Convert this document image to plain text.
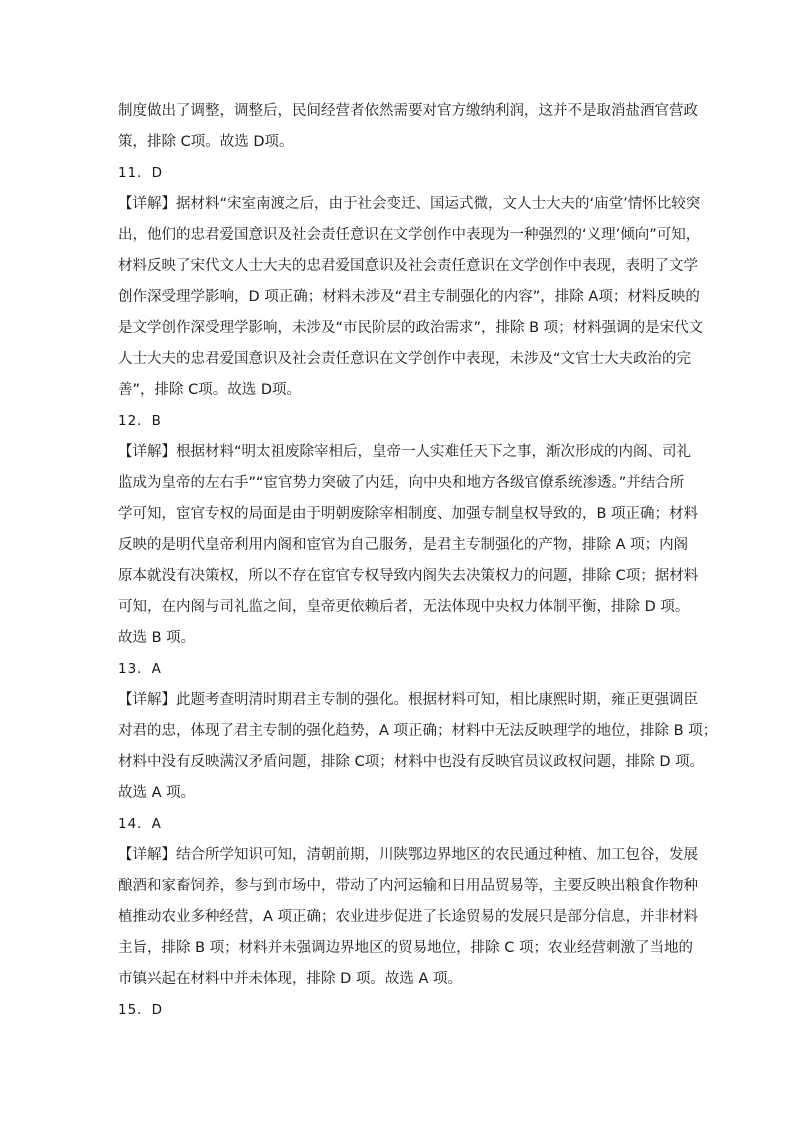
制度做出了调整，调整后，民间经营者依然需要对官方缴纳利润，这并不是取消盐酒官营政
策，排除 C项。故选 D项。
11．D
【详解】据材料“宋室南渡之后，由于社会变迁、国运式微，文人士大夫的‘庙堂’情怀比较突
出，他们的忠君爱国意识及社会责任意识在文学创作中表现为一种强烈的‘义理’倾向”可知，
材料反映了宋代文人士大夫的忠君爱国意识及社会责任意识在文学创作中表现，表明了文学
创作深受理学影响，D 项正确；材料未涉及“君主专制强化的内容”，排除 A项；材料反映的
是文学创作深受理学影响，未涉及“市民阶层的政治需求”，排除 B 项；材料强调的是宋代文
人士大夫的忠君爱国意识及社会责任意识在文学创作中表现，未涉及“文官士大夫政治的完
善”，排除 C项。故选 D项。
12．B
【详解】根据材料“明太祖废除宰相后，皇帝一人实难任天下之事，渐次形成的内阁、司礼
监成为皇帝的左右手”“宦官势力突破了内廷，向中央和地方各级官僚系统渗透。”并结合所
学可知，宦官专权的局面是由于明朝废除宰相制度、加强专制皇权导致的，B 项正确；材料
反映的是明代皇帝利用内阁和宦官为自己服务，是君主专制强化的产物，排除 A 项；内阁
原本就没有决策权，所以不存在宦官专权导致内阁失去决策权力的问题，排除 C项；据材料
可知，在内阁与司礼监之间，皇帝更依赖后者，无法体现中央权力体制平衡，排除 D 项。
故选 B 项。
13．A
【详解】此题考查明清时期君主专制的强化。根据材料可知，相比康熙时期，雍正更强调臣
对君的忠，体现了君主专制的强化趋势，A 项正确；材料中无法反映理学的地位，排除 B 项；
材料中没有反映满汉矛盾问题，排除 C项；材料中也没有反映官员议政权问题，排除 D 项。
故选 A 项。
14．A
【详解】结合所学知识可知，清朝前期，川陕鄂边界地区的农民通过种植、加工包谷，发展
酿酒和家畜饲养，参与到市场中，带动了内河运输和日用品贸易等，主要反映出粮食作物种
植推动农业多种经营，A 项正确；农业进步促进了长途贸易的发展只是部分信息，并非材料
主旨，排除 B 项；材料并未强调边界地区的贸易地位，排除 C 项；农业经营刺激了当地的
市镇兴起在材料中并未体现，排除 D 项。故选 A 项。
15．D
